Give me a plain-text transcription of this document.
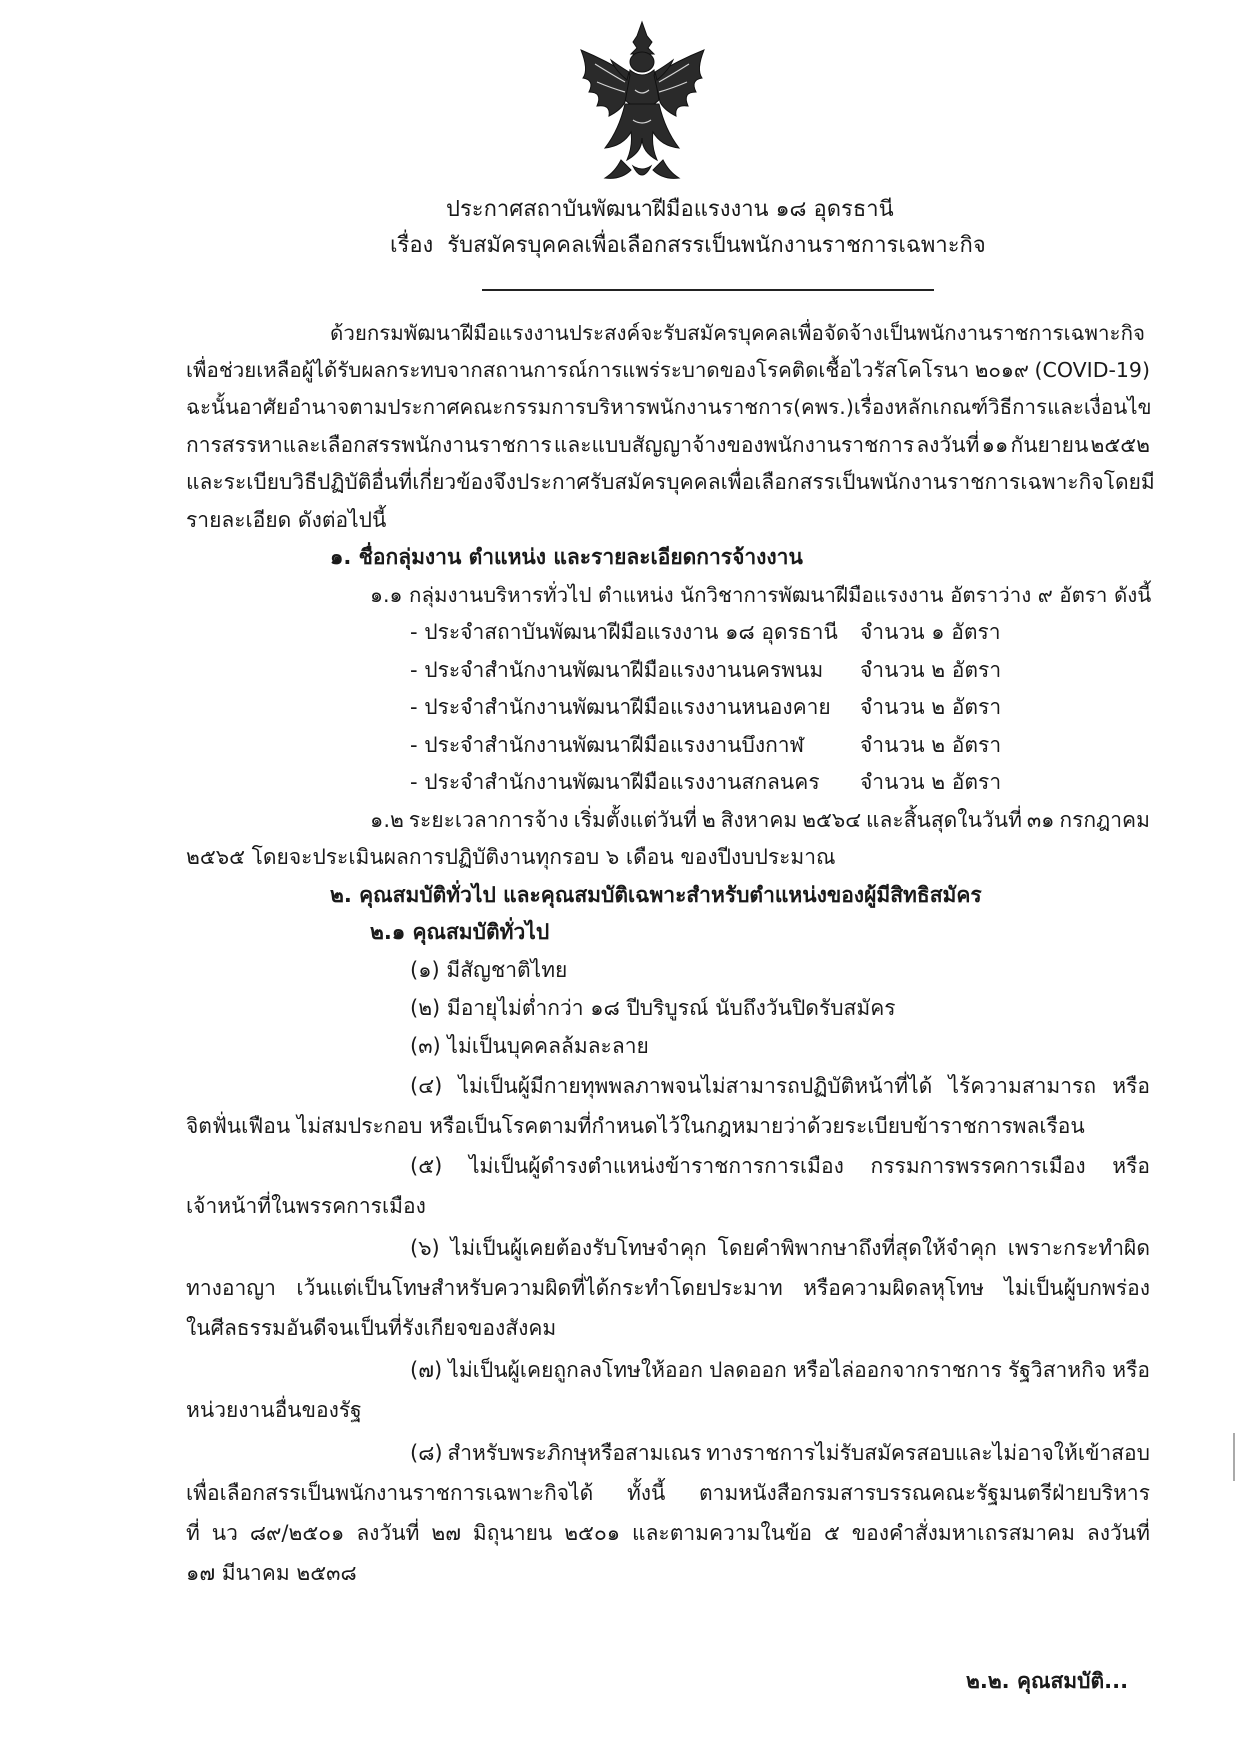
ประกาศสถาบันพัฒนาฝีมือแรงงาน ๑๘ อุดรธานี
เรื่อง รับสมัครบุคคลเพื่อเลือกสรรเป็นพนักงานราชการเฉพาะกิจ
ด้วยกรมพัฒนาฝีมือแรงงานประสงค์จะรับสมัครบุคคลเพื่อจัดจ้างเป็นพนักงานราชการเฉพาะกิจ
เพื่อช่วยเหลือผู้ได้รับผลกระทบจากสถานการณ์การแพร่ระบาดของโรคติดเชื้อไวรัสโคโรนา ๒๐๑๙ (COVID-19)
ฉะนั้น อาศัยอำนาจตามประกาศคณะกรรมการบริหารพนักงานราชการ (คพร.) เรื่อง หลักเกณฑ์ วิธีการ และเงื่อนไข
การสรรหาและเลือกสรรพนักงานราชการ และแบบสัญญาจ้างของพนักงานราชการ ลงวันที่ ๑๑ กันยายน ๒๕๕๒
และระเบียบวิธีปฏิบัติอื่นที่เกี่ยวข้อง จึงประกาศรับสมัครบุคคลเพื่อเลือกสรรเป็นพนักงานราชการเฉพาะกิจ โดยมี
รายละเอียด ดังต่อไปนี้
๑. ชื่อกลุ่มงาน ตำแหน่ง และรายละเอียดการจ้างงาน
๑.๑ กลุ่มงานบริหารทั่วไป ตำแหน่ง นักวิชาการพัฒนาฝีมือแรงงาน อัตราว่าง ๙ อัตรา ดังนี้
- ประจำสถาบันพัฒนาฝีมือแรงงาน ๑๘ อุดรธานี จำนวน ๑ อัตรา
- ประจำสำนักงานพัฒนาฝีมือแรงงานนครพนม จำนวน ๒ อัตรา
- ประจำสำนักงานพัฒนาฝีมือแรงงานหนองคาย จำนวน ๒ อัตรา
- ประจำสำนักงานพัฒนาฝีมือแรงงานบึงกาฬ	จำนวน ๒ อัตรา
- ประจำสำนักงานพัฒนาฝีมือแรงงานสกลนคร จำนวน ๒ อัตรา
๑.๒ ระยะเวลาการจ้าง เริ่มตั้งแต่วันที่ ๒ สิงหาคม ๒๕๖๔ และสิ้นสุดในวันที่ ๓๑ กรกฎาคม
๒๕๖๕ โดยจะประเมินผลการปฏิบัติงานทุกรอบ ๖ เดือน ของปีงบประมาณ
๒. คุณสมบัติทั่วไป และคุณสมบัติเฉพาะสำหรับตำแหน่งของผู้มีสิทธิสมัคร
๒.๑ คุณสมบัติทั่วไป
(๑) มีสัญชาติไทย
(๒) มีอายุไม่ต่ำกว่า ๑๘ ปีบริบูรณ์ นับถึงวันปิดรับสมัคร
(๓) ไม่เป็นบุคคลล้มละลาย
(๔) ไม่เป็นผู้มีกายทุพพลภาพจนไม่สามารถปฏิบัติหน้าที่ได้ ไร้ความสามารถ หรือ
จิตฟั่นเฟือน ไม่สมประกอบ หรือเป็นโรคตามที่กำหนดไว้ในกฎหมายว่าด้วยระเบียบข้าราชการพลเรือน
(๕) ไม่เป็นผู้ดำรงตำแหน่งข้าราชการการเมือง กรรมการพรรคการเมือง หรือ
เจ้าหน้าที่ในพรรคการเมือง
(๖) ไม่เป็นผู้เคยต้องรับโทษจำคุก โดยคำพิพากษาถึงที่สุดให้จำคุก เพราะกระทำผิด
ทางอาญา เว้นแต่เป็นโทษสำหรับความผิดที่ได้กระทำโดยประมาท หรือความผิดลหุโทษ ไม่เป็นผู้บกพร่อง
ในศีลธรรมอันดีจนเป็นที่รังเกียจของสังคม
(๗) ไม่เป็นผู้เคยถูกลงโทษให้ออก ปลดออก หรือไล่ออกจากราชการ รัฐวิสาหกิจ หรือ
หน่วยงานอื่นของรัฐ
(๘) สำหรับพระภิกษุหรือสามเณร ทางราชการไม่รับสมัครสอบและไม่อาจให้เข้าสอบ
เพื่อเลือกสรรเป็นพนักงานราชการเฉพาะกิจได้ ทั้งนี้ ตามหนังสือกรมสารบรรณคณะรัฐมนตรีฝ่ายบริหาร
ที่ นว ๘๙/๒๕๐๑ ลงวันที่ ๒๗ มิถุนายน ๒๕๐๑ และตามความในข้อ ๕ ของคำสั่งมหาเถรสมาคม ลงวันที่
๑๗ มีนาคม ๒๕๓๘
๒.๒. คุณสมบัติ...
